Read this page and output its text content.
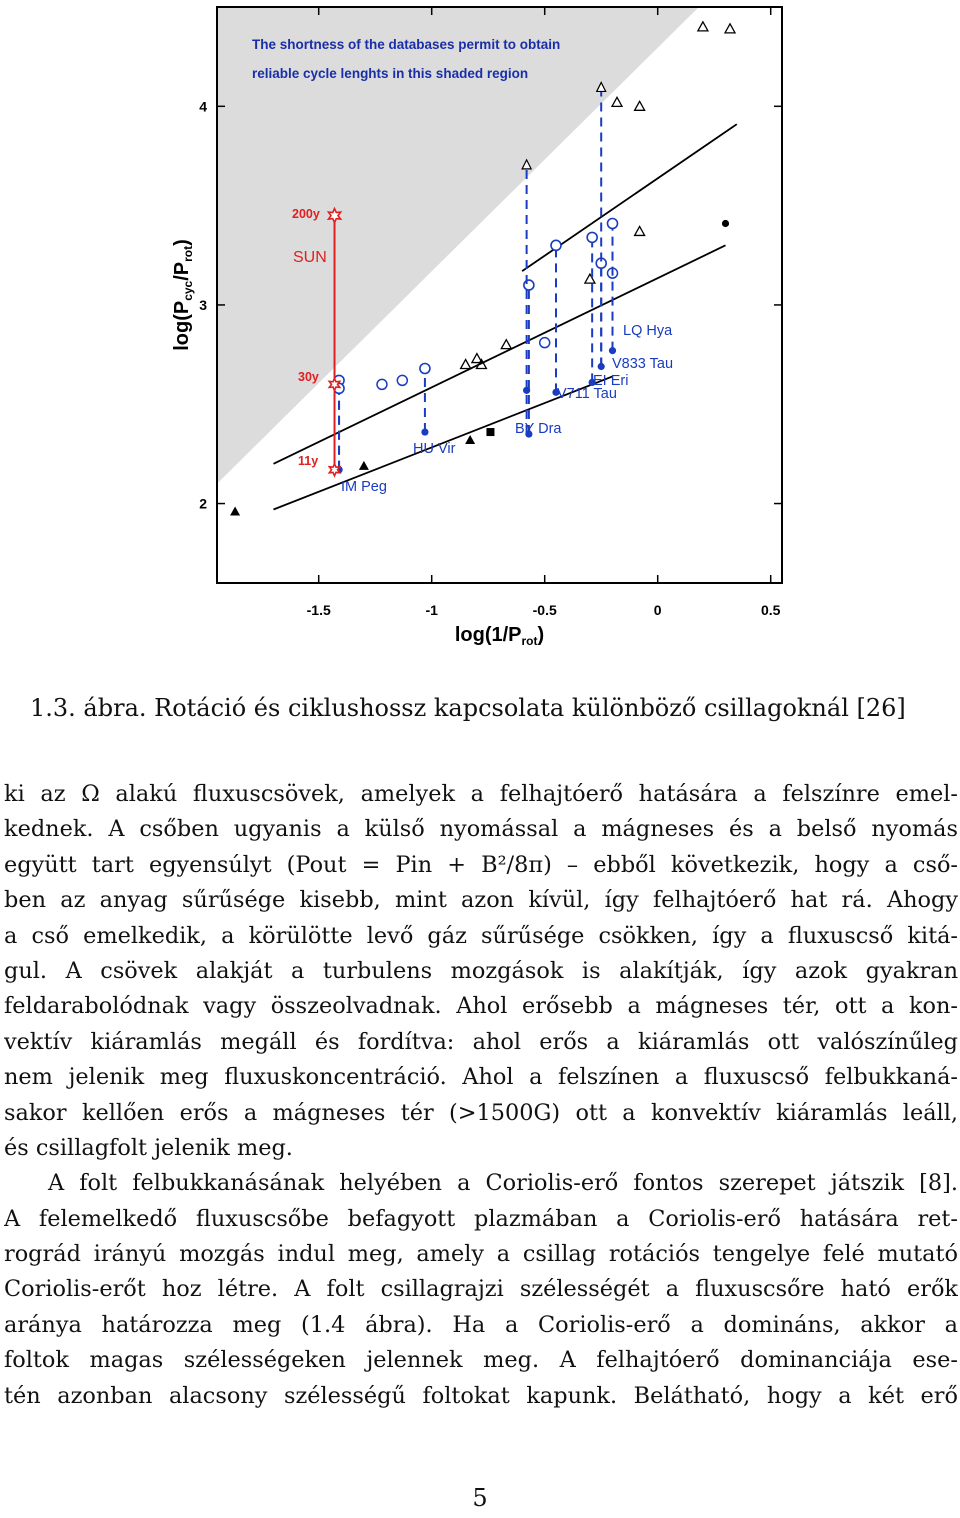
The shortness of the databases permit to obtain
reliable cycle lenghts in this shaded region
-1.5	-1	-0.5	0	0.5
2
3
4
$\log(1/P_{rot})$
$\log(P_{cyc}/P_{rot})$
SUN
200y
30y
11y
IM Peg
HU Vir
BY Dra
V711 Tau
EI Eri
V833 Tau
LQ Hya
1.3. ábra. Rotáció és ciklushossz kapcsolata különböző csillagoknál [26]
ki az Ω alakú fluxuscsövek, amelyek a felhajtóerő hatására a felszínre emel-
kednek. A csőben ugyanis a külső nyomással a mágneses és a belső nyomás
együtt tart egyensúlyt (Pout = Pin + B²/8π) – ebből következik, hogy a cső-
ben az anyag sűrűsége kisebb, mint azon kívül, így felhajtóerő hat rá. Ahogy
a cső emelkedik, a körülötte levő gáz sűrűsége csökken, így a fluxuscső kitá-
gul. A csövek alakját a turbulens mozgások is alakítják, így azok gyakran
feldarabolódnak vagy összeolvadnak. Ahol erősebb a mágneses tér, ott a kon-
vektív kiáramlás megáll és fordítva: ahol erős a kiáramlás ott valószínűleg
nem jelenik meg fluxuskoncentráció. Ahol a felszínen a fluxuscső felbukkaná-
sakor kellően erős a mágneses tér (>1500G) ott a konvektív kiáramlás leáll,
és csillagfolt jelenik meg.
A folt felbukkanásának helyében a Coriolis-erő fontos szerepet játszik [8].
A felemelkedő fluxuscsőbe befagyott plazmában a Coriolis-erő hatására ret-
rográd irányú mozgás indul meg, amely a csillag rotációs tengelye felé mutató
Coriolis-erőt hoz létre. A folt csillagrajzi szélességét a fluxuscsőre ható erők
aránya határozza meg (1.4 ábra). Ha a Coriolis-erő a domináns, akkor a
foltok magas szélességeken jelennek meg. A felhajtóerő dominanciája ese-
tén azonban alacsony szélességű foltokat kapunk. Belátható, hogy a két erő
5
